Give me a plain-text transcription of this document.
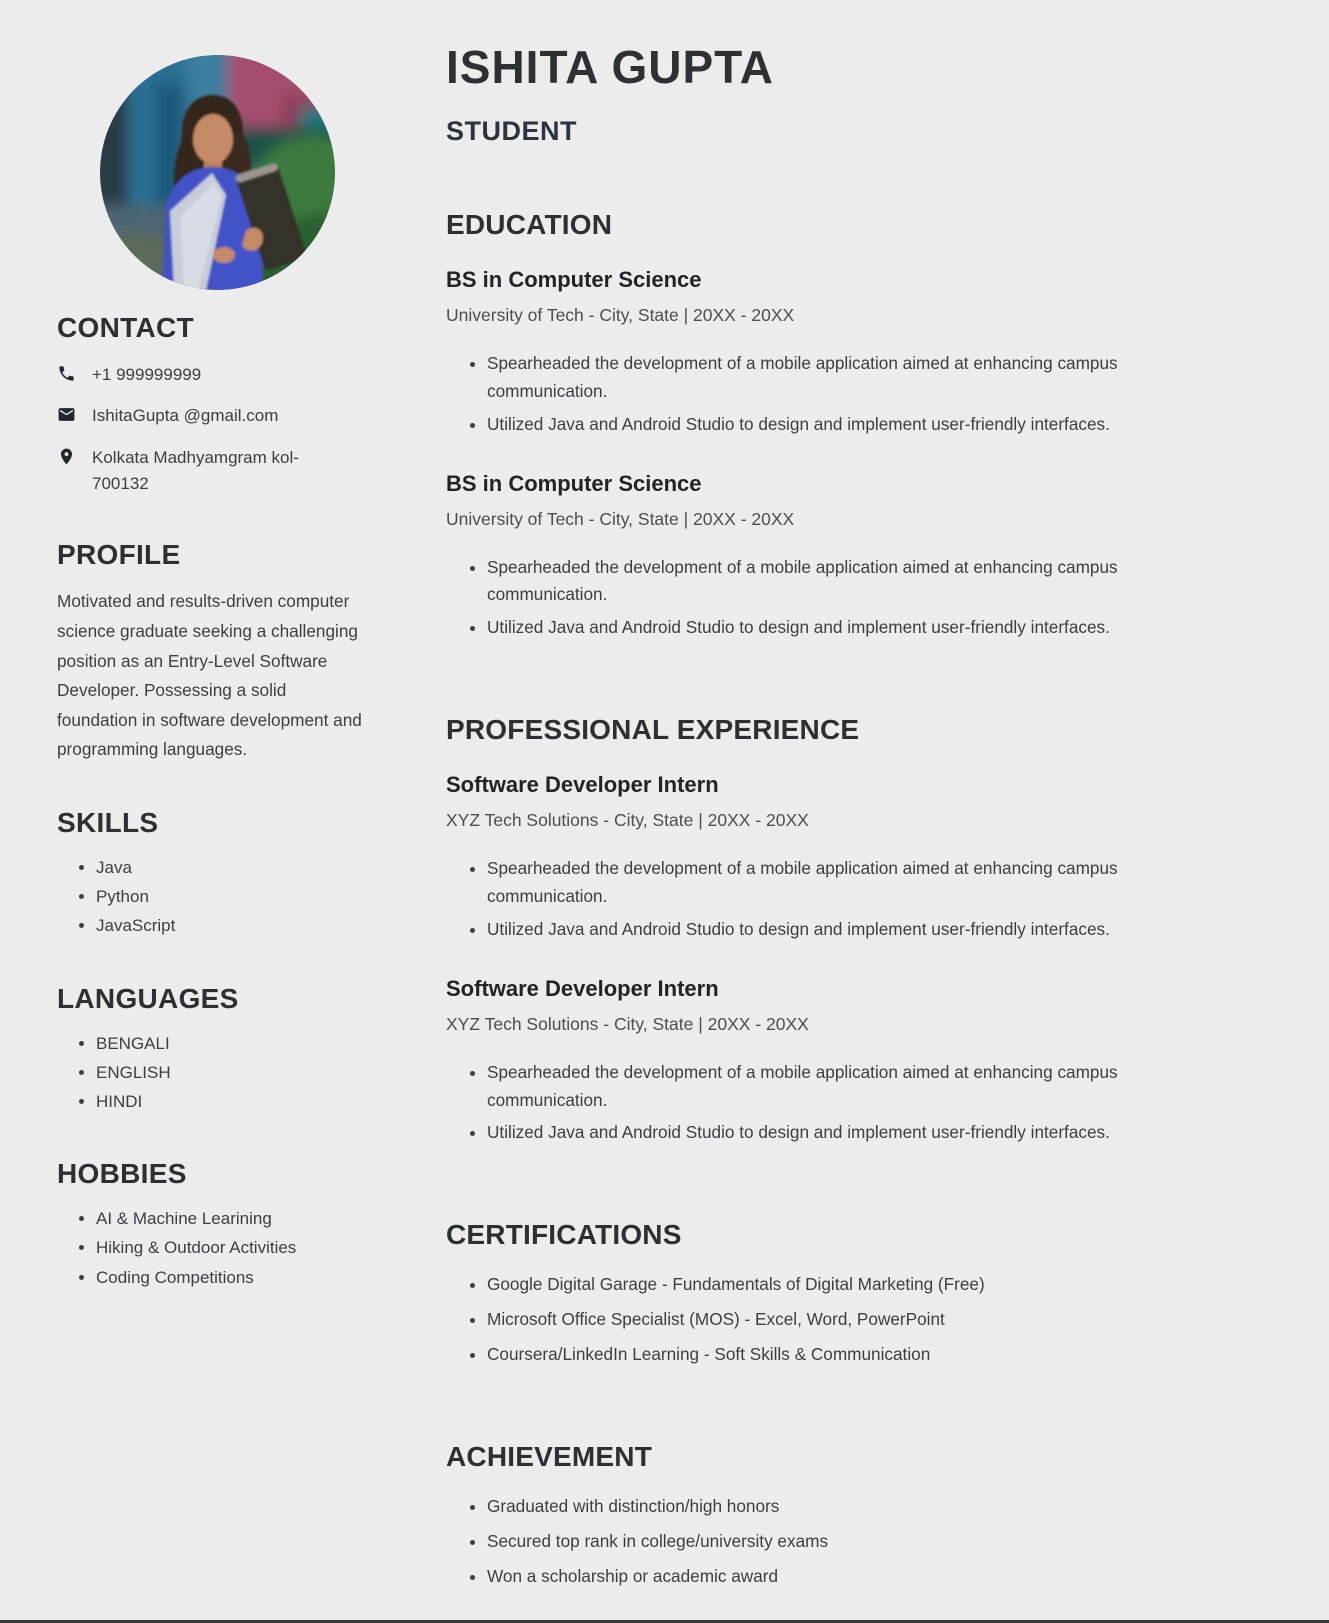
CONTACT
+1 999999999
IshitaGupta @gmail.com
Kolkata Madhyamgram kol-700132
PROFILE

Motivated and results-driven computer science graduate seeking a challenging position as an Entry-Level Software Developer. Possessing a solid foundation in software development and programming languages.

SKILLS
• Java
• Python
• JavaScript
LANGUAGES
• BENGALI
• ENGLISH
• HINDI
HOBBIES
• AI & Machine Learining
• Hiking & Outdoor Activities
• Coding Competitions
ISHITA GUPTA
STUDENT
EDUCATION
BS in Computer Science
University of Tech - City, State | 20XX - 20XX
• Spearheaded the development of a mobile application aimed at enhancing campus communication.
• Utilized Java and Android Studio to design and implement user-friendly interfaces.
BS in Computer Science
University of Tech - City, State | 20XX - 20XX
• Spearheaded the development of a mobile application aimed at enhancing campus communication.
• Utilized Java and Android Studio to design and implement user-friendly interfaces.
PROFESSIONAL EXPERIENCE
Software Developer Intern
XYZ Tech Solutions - City, State | 20XX - 20XX
• Spearheaded the development of a mobile application aimed at enhancing campus communication.
• Utilized Java and Android Studio to design and implement user-friendly interfaces.
Software Developer Intern
XYZ Tech Solutions - City, State | 20XX - 20XX
• Spearheaded the development of a mobile application aimed at enhancing campus communication.
• Utilized Java and Android Studio to design and implement user-friendly interfaces.
CERTIFICATIONS
• Google Digital Garage - Fundamentals of Digital Marketing (Free)
• Microsoft Office Specialist (MOS) - Excel, Word, PowerPoint
• Coursera/LinkedIn Learning - Soft Skills & Communication
ACHIEVEMENT
• Graduated with distinction/high honors
• Secured top rank in college/university exams
• Won a scholarship or academic award
